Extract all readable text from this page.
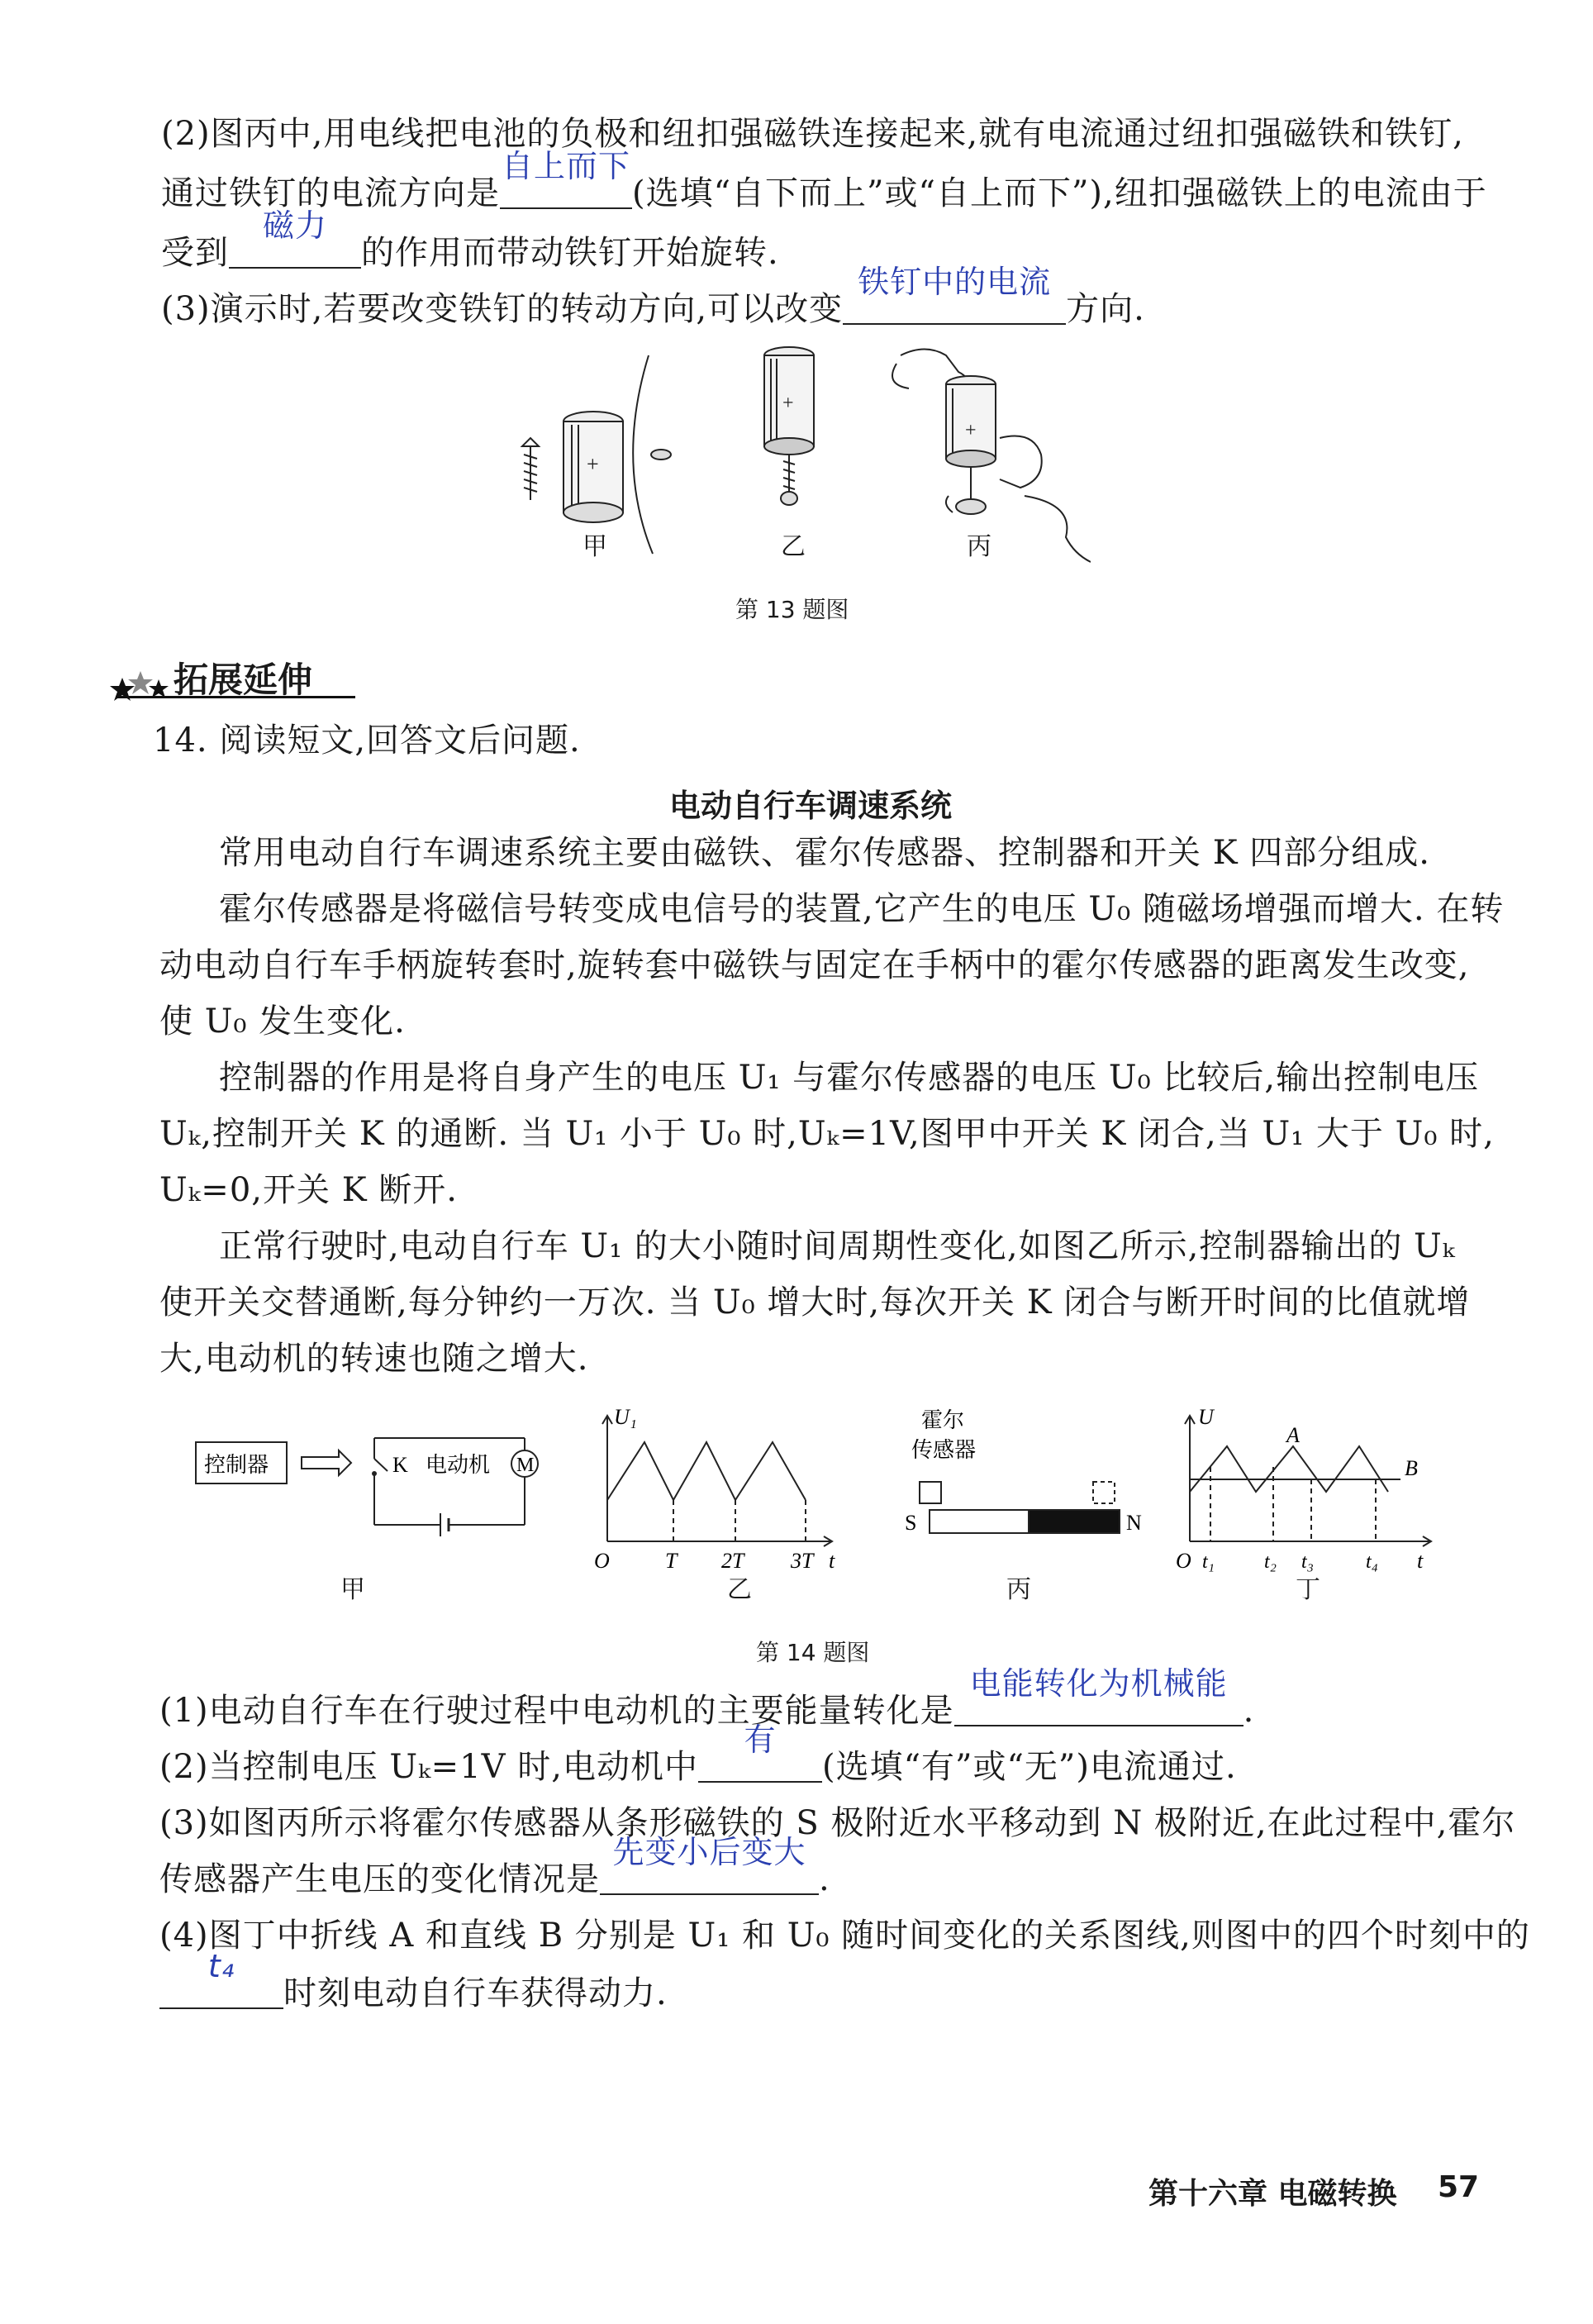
(2)图丙中,用电线把电池的负极和纽扣强磁铁连接起来,就有电流通过纽扣强磁铁和铁钉,
通过铁钉的电流方向是
自上而下
(选填“自下而上”或“自上而下”),纽扣强磁铁上的电流由于
受到
磁力
的作用而带动铁钉开始旋转.
(3)演示时,若要改变铁钉的转动方向,可以改变
铁钉中的电流
方向.
+
+
+
甲	乙	丙
第 13 题图
拓展延伸
14. 阅读短文,回答文后问题.
电动自行车调速系统
常用电动自行车调速系统主要由磁铁、霍尔传感器、控制器和开关 K 四部分组成.
霍尔传感器是将磁信号转变成电信号的装置,它产生的电压 U₀ 随磁场增强而增大. 在转
动电动自行车手柄旋转套时,旋转套中磁铁与固定在手柄中的霍尔传感器的距离发生改变,
使 U₀ 发生变化.
控制器的作用是将自身产生的电压 U₁ 与霍尔传感器的电压 U₀ 比较后,输出控制电压
Uₖ,控制开关 K 的通断. 当 U₁ 小于 U₀ 时,Uₖ=1V,图甲中开关 K 闭合,当 U₁ 大于 U₀ 时,
Uₖ=0,开关 K 断开.
正常行驶时,电动自行车 U₁ 的大小随时间周期性变化,如图乙所示,控制器输出的 Uₖ
使开关交替通断,每分钟约一万次. 当 U₀ 增大时,每次开关 K 闭合与断开时间的比值就增
大,电动机的转速也随之增大.
控制器	K 电动机 M
U₁
O	T 2T 3T t
霍尔
传感器
S	N
U
A
B
O t₁ t₂ t₃	t₄ t
甲	乙	丙	丁
第 14 题图
(1)电动自行车在行驶过程中电动机的主要能量转化是
电能转化为机械能
.
(2)当控制电压 Uₖ=1V 时,电动机中
有
(选填“有”或“无”)电流通过.
(3)如图丙所示将霍尔传感器从条形磁铁的 S 极附近水平移动到 N 极附近,在此过程中,霍尔
传感器产生电压的变化情况是
先变小后变大
.
(4)图丁中折线 A 和直线 B 分别是 U₁ 和 U₀ 随时间变化的关系图线,则图中的四个时刻中的
t₄
时刻电动自行车获得动力.
第十六章 电磁转换 57
